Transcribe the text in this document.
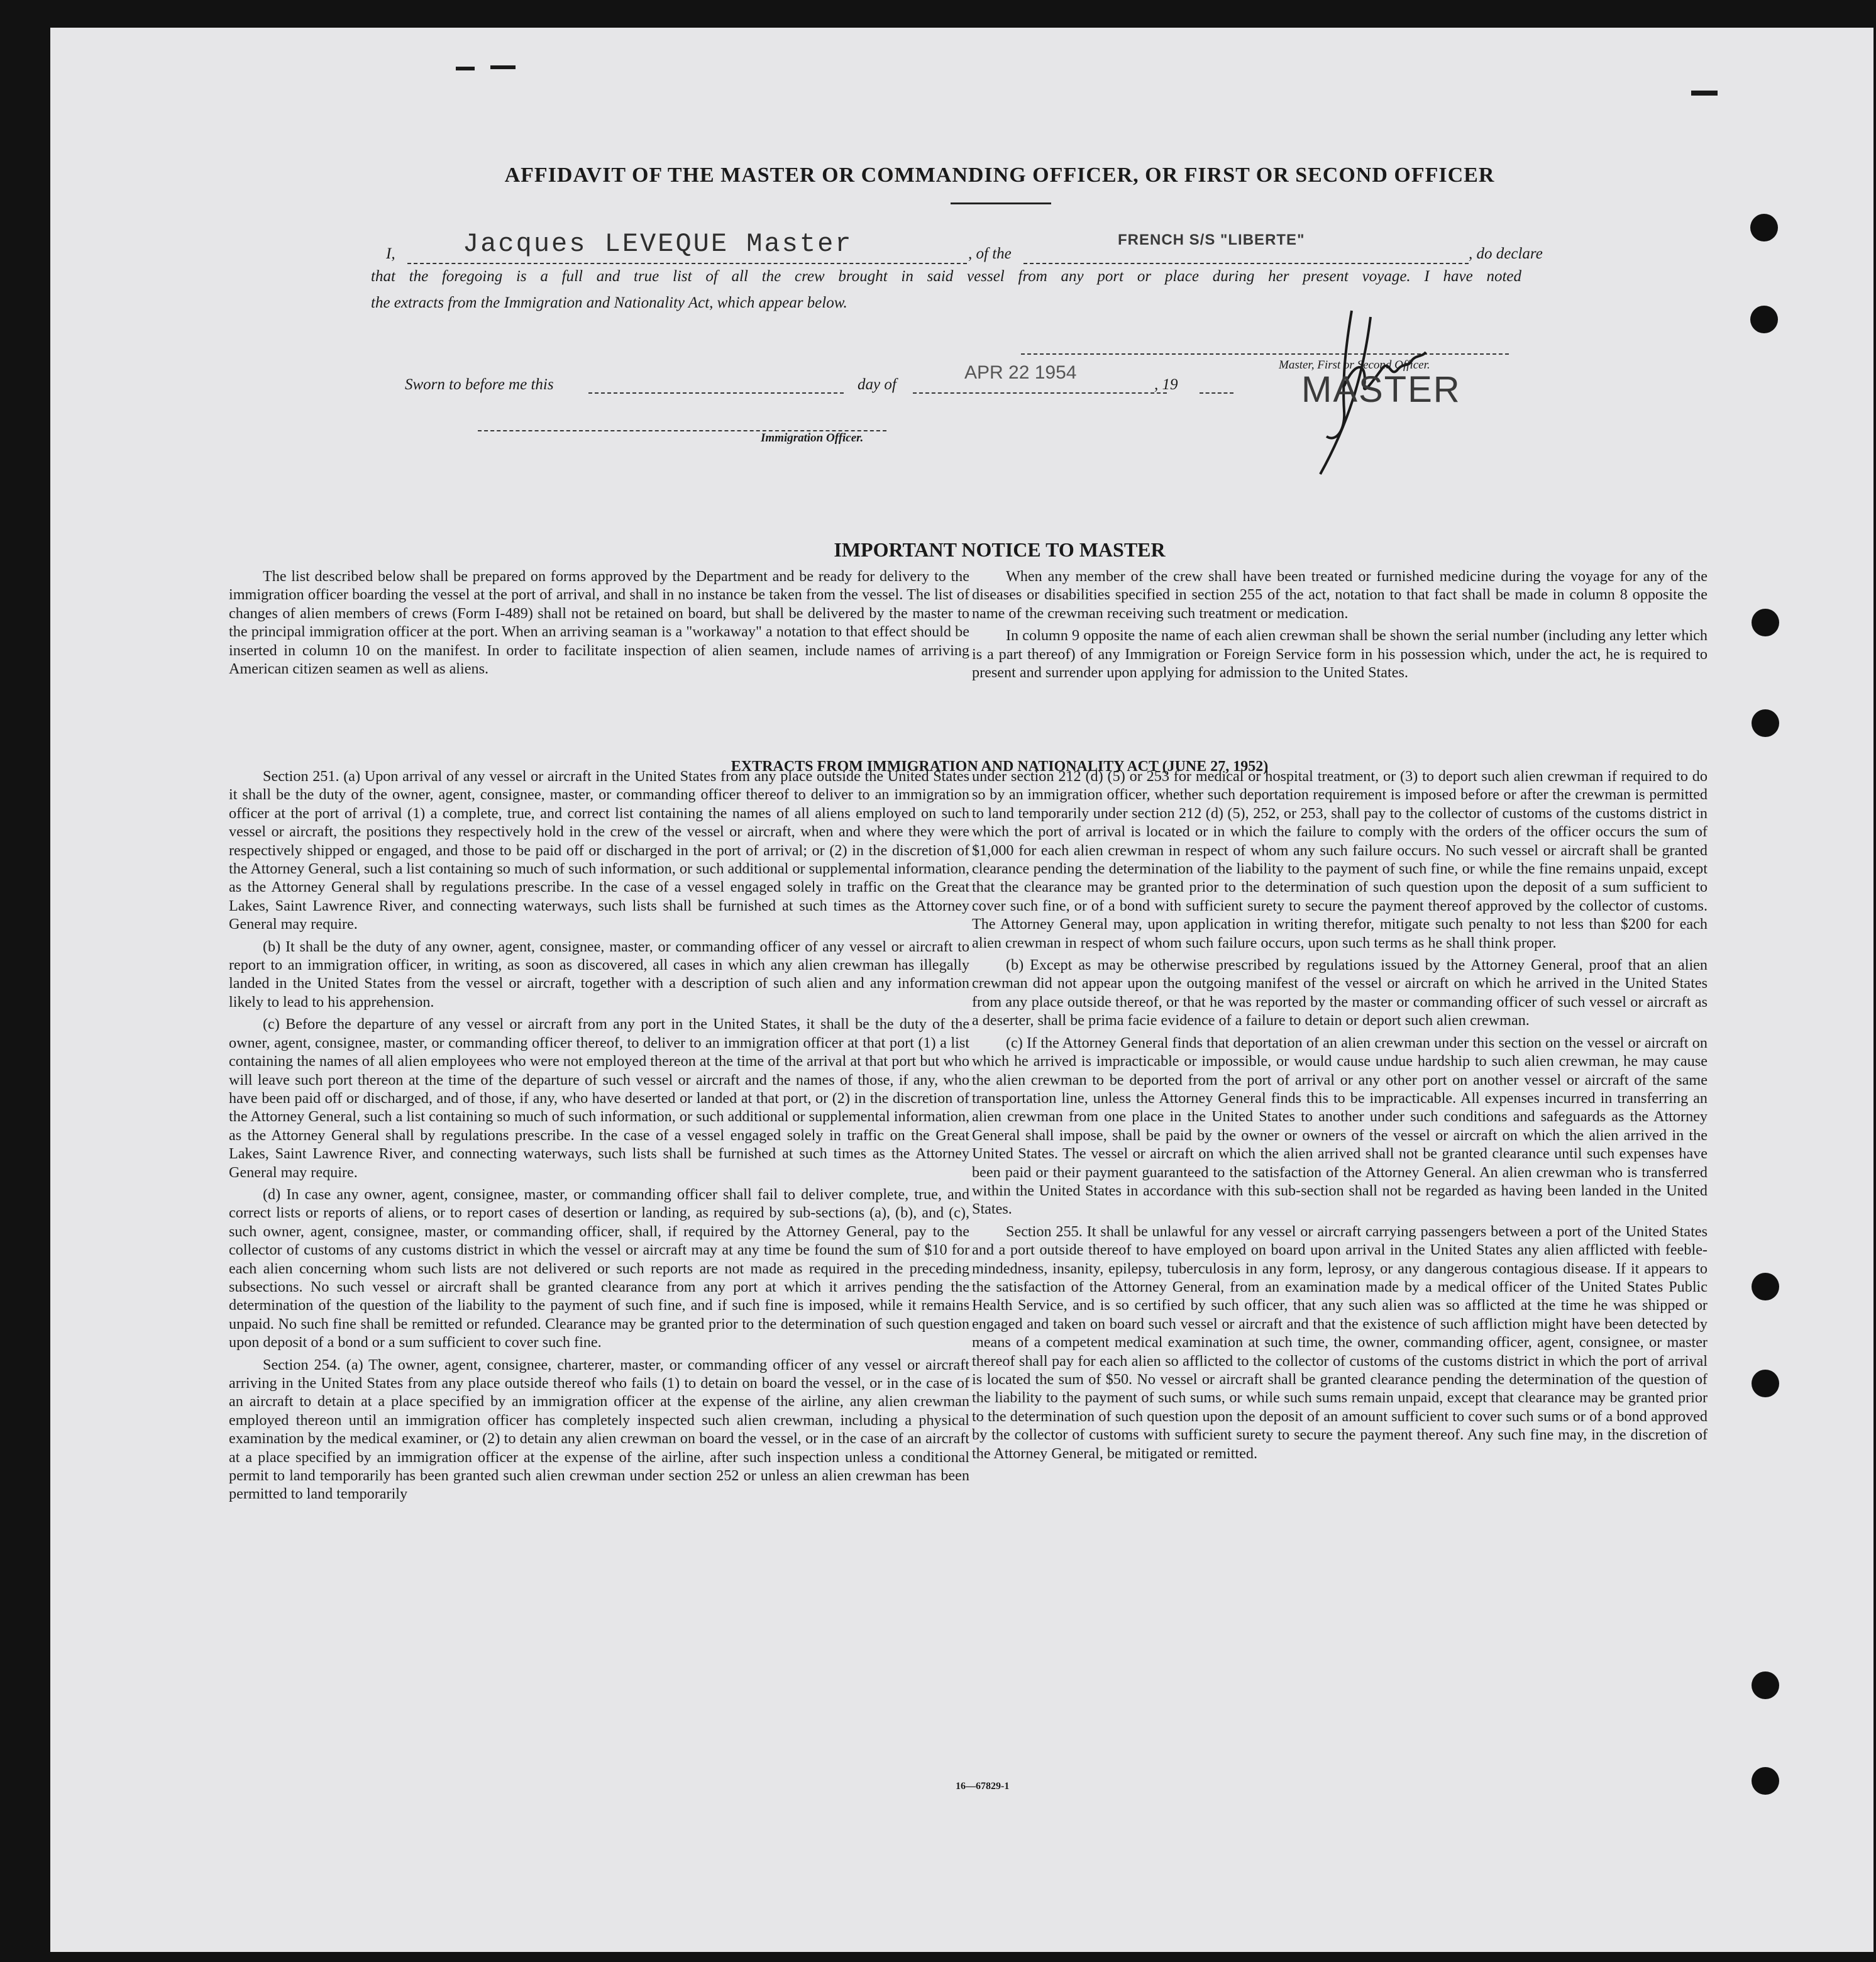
AFFIDAVIT OF THE MASTER OR COMMANDING OFFICER, OR FIRST OR SECOND OFFICER
I,	Jacques LEVEQUE Master	, of the
FRENCH S/S "LIBERTE"
, do declare
that the foregoing is a full and true list of all the crew brought in said vessel from any port or place during her present voyage. I have noted
the extracts from the Immigration and Nationality Act, which appear below.
Master, First or Second Officer.
MASTER
Sworn to before me this	day of
APR 22 1954
, 19
Immigration Officer.
IMPORTANT NOTICE TO MASTER

The list described below shall be prepared on forms approved by the Department and be ready for delivery to the immigration officer boarding the vessel at the port of arrival, and shall in no instance be taken from the vessel. The list of changes of alien members of crews (Form I-489) shall not be retained on board, but shall be delivered by the master to the principal immigration officer at the port. When an arriving seaman is a "workaway" a notation to that effect should be inserted in column 10 on the manifest. In order to facilitate inspection of alien seamen, include names of arriving American citizen seamen as well as aliens.

When any member of the crew shall have been treated or furnished medicine during the voyage for any of the diseases or disabilities specified in section 255 of the act, notation to that fact shall be made in column 8 opposite the name of the crewman receiving such treatment or medication.

In column 9 opposite the name of each alien crewman shall be shown the serial number (including any letter which is a part thereof) of any Immigration or Foreign Service form in his possession which, under the act, he is required to present and surrender upon applying for admission to the United States.

EXTRACTS FROM IMMIGRATION AND NATIONALITY ACT (JUNE 27, 1952)

Section 251. (a) Upon arrival of any vessel or aircraft in the United States from any place outside the United States it shall be the duty of the owner, agent, consignee, master, or commanding officer thereof to deliver to an immigration officer at the port of arrival (1) a complete, true, and correct list containing the names of all aliens employed on such vessel or aircraft, the positions they respectively hold in the crew of the vessel or aircraft, when and where they were respectively shipped or engaged, and those to be paid off or discharged in the port of arrival; or (2) in the discretion of the Attorney General, such a list containing so much of such information, or such additional or supplemental information, as the Attorney General shall by regulations prescribe. In the case of a vessel engaged solely in traffic on the Great Lakes, Saint Lawrence River, and connecting waterways, such lists shall be furnished at such times as the Attorney General may require.

(b) It shall be the duty of any owner, agent, consignee, master, or commanding officer of any vessel or aircraft to report to an immigration officer, in writing, as soon as discovered, all cases in which any alien crewman has illegally landed in the United States from the vessel or aircraft, together with a description of such alien and any information likely to lead to his apprehension.

(c) Before the departure of any vessel or aircraft from any port in the United States, it shall be the duty of the owner, agent, consignee, master, or commanding officer thereof, to deliver to an immigration officer at that port (1) a list containing the names of all alien employees who were not employed thereon at the time of the arrival at that port but who will leave such port thereon at the time of the departure of such vessel or aircraft and the names of those, if any, who have been paid off or discharged, and of those, if any, who have deserted or landed at that port, or (2) in the discretion of the Attorney General, such a list containing so much of such information, or such additional or supplemental information, as the Attorney General shall by regulations prescribe. In the case of a vessel engaged solely in traffic on the Great Lakes, Saint Lawrence River, and connecting waterways, such lists shall be furnished at such times as the Attorney General may require.

(d) In case any owner, agent, consignee, master, or commanding officer shall fail to deliver complete, true, and correct lists or reports of aliens, or to report cases of desertion or landing, as required by sub-sections (a), (b), and (c), such owner, agent, consignee, master, or commanding officer, shall, if required by the Attorney General, pay to the collector of customs of any customs district in which the vessel or aircraft may at any time be found the sum of $10 for each alien concerning whom such lists are not delivered or such reports are not made as required in the preceding subsections. No such vessel or aircraft shall be granted clearance from any port at which it arrives pending the determination of the question of the liability to the payment of such fine, and if such fine is imposed, while it remains unpaid. No such fine shall be remitted or refunded. Clearance may be granted prior to the determination of such question upon deposit of a bond or a sum sufficient to cover such fine.

Section 254. (a) The owner, agent, consignee, charterer, master, or commanding officer of any vessel or aircraft arriving in the United States from any place outside thereof who fails (1) to detain on board the vessel, or in the case of an aircraft to detain at a place specified by an immigration officer at the expense of the airline, any alien crewman employed thereon until an immigration officer has completely inspected such alien crewman, including a physical examination by the medical examiner, or (2) to detain any alien crewman on board the vessel, or in the case of an aircraft at a place specified by an immigration officer at the expense of the airline, after such inspection unless a conditional permit to land temporarily has been granted such alien crewman under section 252 or unless an alien crewman has been permitted to land temporarily

under section 212 (d) (5) or 253 for medical or hospital treatment, or (3) to deport such alien crewman if required to do so by an immigration officer, whether such deportation requirement is imposed before or after the crewman is permitted to land temporarily under section 212 (d) (5), 252, or 253, shall pay to the collector of customs of the customs district in which the port of arrival is located or in which the failure to comply with the orders of the officer occurs the sum of $1,000 for each alien crewman in respect of whom any such failure occurs. No such vessel or aircraft shall be granted clearance pending the determination of the liability to the payment of such fine, or while the fine remains unpaid, except that the clearance may be granted prior to the determination of such question upon the deposit of a sum sufficient to cover such fine, or of a bond with sufficient surety to secure the payment thereof approved by the collector of customs. The Attorney General may, upon application in writing therefor, mitigate such penalty to not less than $200 for each alien crewman in respect of whom such failure occurs, upon such terms as he shall think proper.

(b) Except as may be otherwise prescribed by regulations issued by the Attorney General, proof that an alien crewman did not appear upon the outgoing manifest of the vessel or aircraft on which he arrived in the United States from any place outside thereof, or that he was reported by the master or commanding officer of such vessel or aircraft as a deserter, shall be prima facie evidence of a failure to detain or deport such alien crewman.

(c) If the Attorney General finds that deportation of an alien crewman under this section on the vessel or aircraft on which he arrived is impracticable or impossible, or would cause undue hardship to such alien crewman, he may cause the alien crewman to be deported from the port of arrival or any other port on another vessel or aircraft of the same transportation line, unless the Attorney General finds this to be impracticable. All expenses incurred in transferring an alien crewman from one place in the United States to another under such conditions and safeguards as the Attorney General shall impose, shall be paid by the owner or owners of the vessel or aircraft on which the alien arrived in the United States. The vessel or aircraft on which the alien arrived shall not be granted clearance until such expenses have been paid or their payment guaranteed to the satisfaction of the Attorney General. An alien crewman who is transferred within the United States in accordance with this sub-section shall not be regarded as having been landed in the United States.

Section 255. It shall be unlawful for any vessel or aircraft carrying passengers between a port of the United States and a port outside thereof to have employed on board upon arrival in the United States any alien afflicted with feeble-mindedness, insanity, epilepsy, tuberculosis in any form, leprosy, or any dangerous contagious disease. If it appears to the satisfaction of the Attorney General, from an examination made by a medical officer of the United States Public Health Service, and is so certified by such officer, that any such alien was so afflicted at the time he was shipped or engaged and taken on board such vessel or aircraft and that the existence of such affliction might have been detected by means of a competent medical examination at such time, the owner, commanding officer, agent, consignee, or master thereof shall pay for each alien so afflicted to the collector of customs of the customs district in which the port of arrival is located the sum of $50. No vessel or aircraft shall be granted clearance pending the determination of the question of the liability to the payment of such sums, or while such sums remain unpaid, except that clearance may be granted prior to the determination of such question upon the deposit of an amount sufficient to cover such sums or of a bond approved by the collector of customs with sufficient surety to secure the payment thereof. Any such fine may, in the discretion of the Attorney General, be mitigated or remitted.

16—67829-1
